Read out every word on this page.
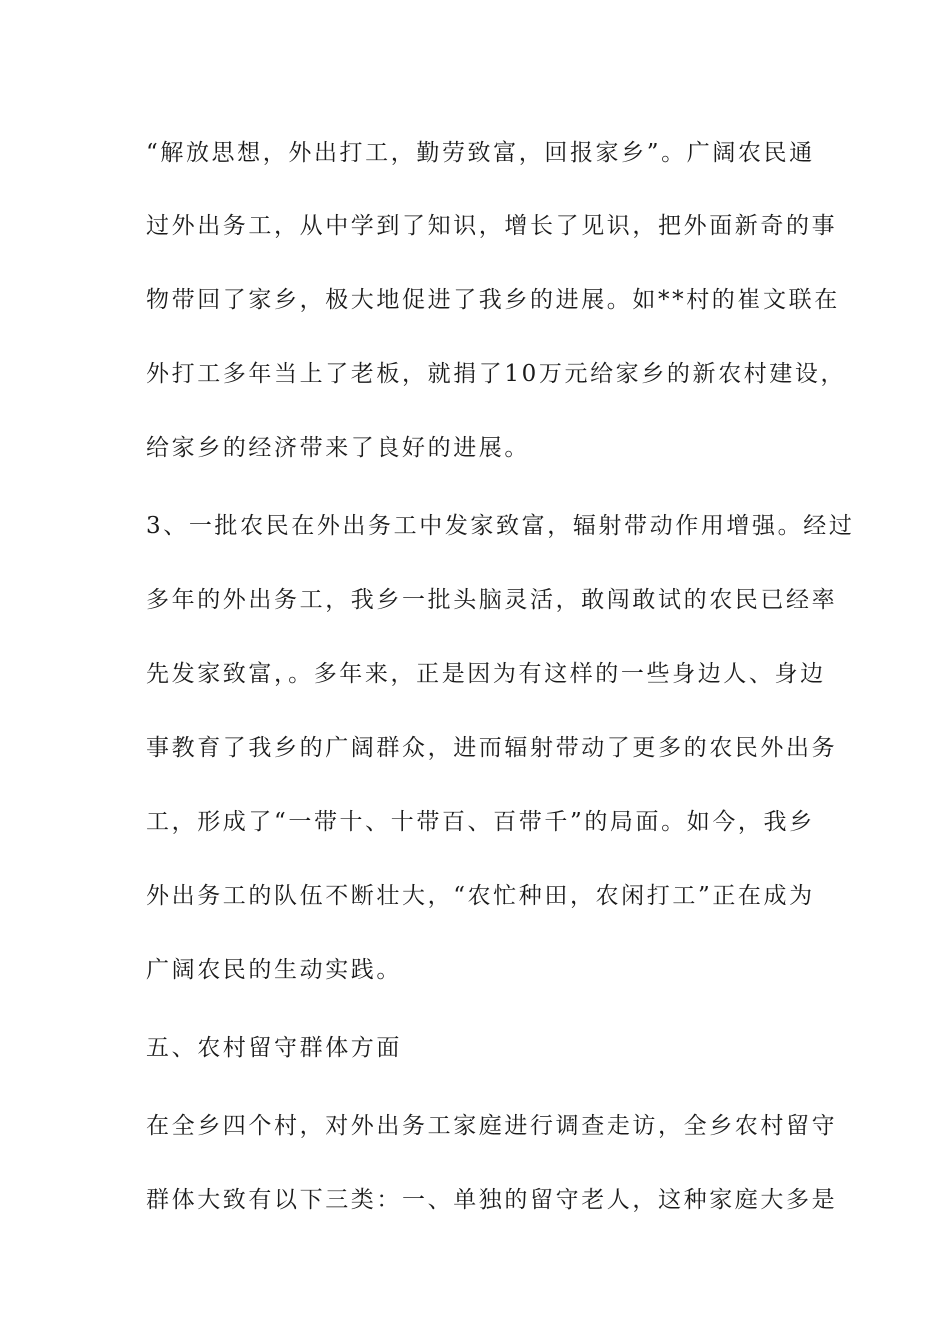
“解放思想，外出打工，勤劳致富，回报家乡”。广阔农民通
过外出务工，从中学到了知识，增长了见识，把外面新奇的事
物带回了家乡，极大地促进了我乡的进展。如**村的崔文联在
外打工多年当上了老板，就捐了10万元给家乡的新农村建设，
给家乡的经济带来了良好的进展。
3、一批农民在外出务工中发家致富，辐射带动作用增强。经过
多年的外出务工，我乡一批头脑灵活，敢闯敢试的农民已经率
先发家致富，。多年来，正是因为有这样的一些身边人、身边
事教育了我乡的广阔群众，进而辐射带动了更多的农民外出务
工，形成了“一带十、十带百、百带千”的局面。如今，我乡
外出务工的队伍不断壮大，“农忙种田，农闲打工”正在成为
广阔农民的生动实践。
五、农村留守群体方面
在全乡四个村，对外出务工家庭进行调查走访，全乡农村留守
群体大致有以下三类：一、单独的留守老人，这种家庭大多是
